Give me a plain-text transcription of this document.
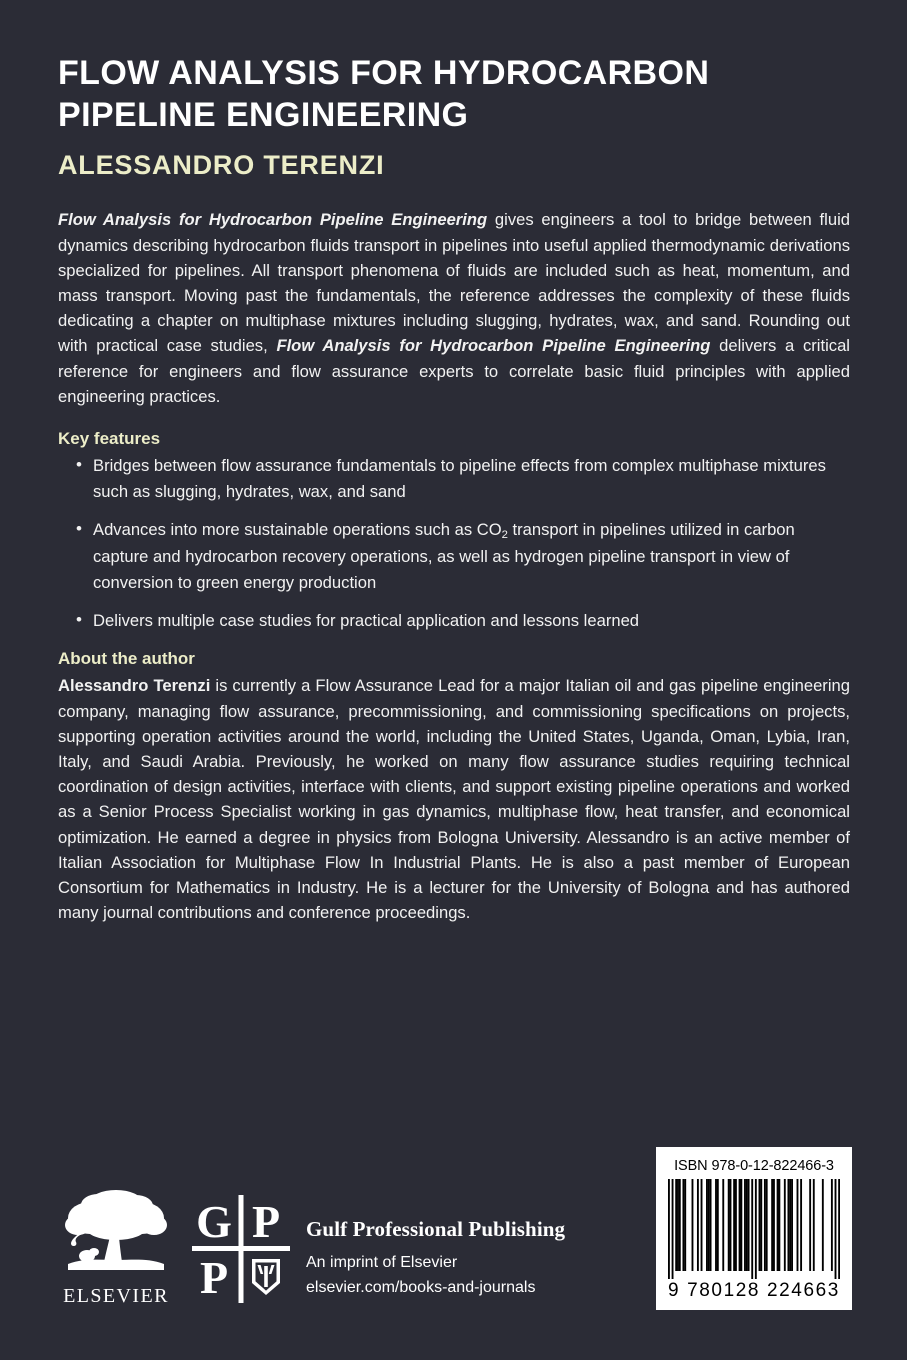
FLOW ANALYSIS FOR HYDROCARBON PIPELINE ENGINEERING
ALESSANDRO TERENZI

Flow Analysis for Hydrocarbon Pipeline Engineering gives engineers a tool to bridge between fluid dynamics describing hydrocarbon fluids transport in pipelines into useful applied thermodynamic derivations specialized for pipelines. All transport phenomena of fluids are included such as heat, momentum, and mass transport. Moving past the fundamentals, the reference addresses the complexity of these fluids dedicating a chapter on multiphase mixtures including slugging, hydrates, wax, and sand. Rounding out with practical case studies, Flow Analysis for Hydrocarbon Pipeline Engineering delivers a critical reference for engineers and flow assurance experts to correlate basic fluid principles with applied engineering practices.

Key features
• Bridges between flow assurance fundamentals to pipeline effects from complex multiphase mixtures such as slugging, hydrates, wax, and sand
• Advances into more sustainable operations such as $CO_2$ transport in pipelines utilized in carbon capture and hydrocarbon recovery operations, as well as hydrogen pipeline transport in view of conversion to green energy production
• Delivers multiple case studies for practical application and lessons learned
About the author

Alessandro Terenzi is currently a Flow Assurance Lead for a major Italian oil and gas pipeline engineering company, managing flow assurance, precommissioning, and commissioning specifications on projects, supporting operation activities around the world, including the United States, Uganda, Oman, Lybia, Iran, Italy, and Saudi Arabia. Previously, he worked on many flow assurance studies requiring technical coordination of design activities, interface with clients, and support existing pipeline operations and worked as a Senior Process Specialist working in gas dynamics, multiphase flow, heat transfer, and economical optimization. He earned a degree in physics from Bologna University. Alessandro is an active member of Italian Association for Multiphase Flow In Industrial Plants. He is also a past member of European Consortium for Mathematics in Industry. He is a lecturer for the University of Bologna and has authored many journal contributions and conference proceedings.

ELSEVIER
G P
P
Gulf Professional Publishing
An imprint of Elsevier
elsevier.com/books-and-journals
ISBN 978-0-12-822466-3
9 780128 224663
